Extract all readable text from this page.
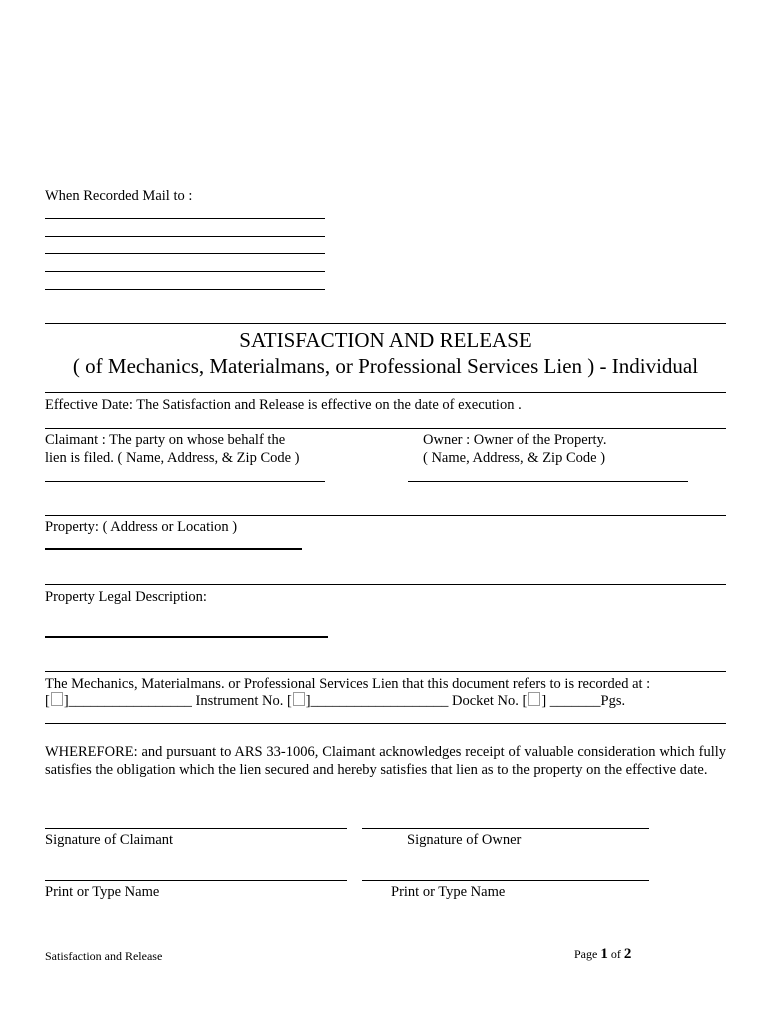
When Recorded Mail to :
SATISFACTION AND RELEASE
( of Mechanics, Materialmans, or Professional Services Lien ) - Individual
Effective Date: The Satisfaction and Release is effective on the date of execution .
Claimant : The party on whose behalf the
lien is filed. ( Name, Address, & Zip Code )
Owner : Owner of the Property.
( Name, Address, & Zip Code )
Property: ( Address or Location )
Property Legal Description:
The Mechanics, Materialmans. or Professional Services Lien that this document refers to is recorded at :
[ ]_________________ Instrument No. [ ]___________________ Docket No. [ ] _______Pgs.
WHEREFORE: and pursuant to ARS 33-1006, Claimant acknowledges receipt of valuable consideration which fully satisfies the obligation which the lien secured and hereby satisfies that lien as to the property on the effective date.
Signature of Claimant	Signature of Owner
Print or Type Name	Print or Type Name
Satisfaction and Release	Page 1 of 2
